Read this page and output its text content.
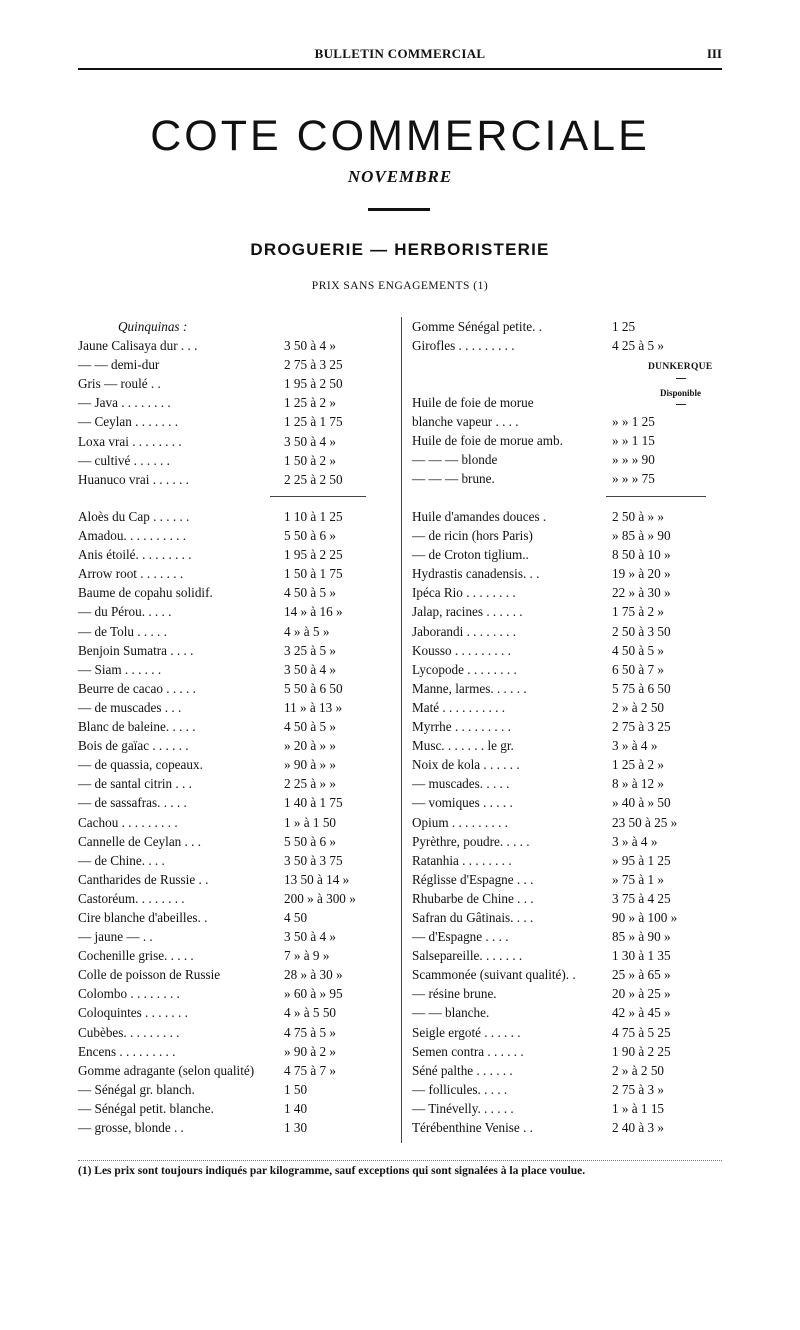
BULLETIN COMMERCIAL	III
COTE COMMERCIALE
NOVEMBRE
DROGUERIE — HERBORISTERIE
PRIX SANS ENGAGEMENTS (1)
Quinquinas :
Jaune Calisaya dur . . .	3 50 à 4 »
— — demi-dur	2 75 à 3 25
Gris — roulé . .	1 95 à 2 50
— Java . . . . . . . .	1 25 à 2 »
— Ceylan . . . . . . .	1 25 à 1 75
Loxa vrai . . . . . . . .	3 50 à 4 »
— cultivé . . . . . .	1 50 à 2 »
Huanuco vrai . . . . . .	2 25 à 2 50
Aloès du Cap . . . . . .	1 10 à 1 25
Amadou. . . . . . . . . .	5 50 à 6 »
Anis étoilé. . . . . . . . .	1 95 à 2 25
Arrow root . . . . . . .	1 50 à 1 75
Baume de copahu solidif.	4 50 à 5 »
— du Pérou. . . . .	14 » à 16 »
— de Tolu . . . . .	4 » à 5 »
Benjoin Sumatra . . . .	3 25 à 5 »
— Siam . . . . . .	3 50 à 4 »
Beurre de cacao . . . . .	5 50 à 6 50
— de muscades . . .	11 » à 13 »
Blanc de baleine. . . . .	4 50 à 5 »
Bois de gaïac . . . . . .	» 20 à » »
— de quassia, copeaux.	» 90 à » »
— de santal citrin . . .	2 25 à » »
— de sassafras. . . . .	1 40 à 1 75
Cachou . . . . . . . . .	1 » à 1 50
Cannelle de Ceylan . . .	5 50 à 6 »
— de Chine. . . .	3 50 à 3 75
Cantharides de Russie . .	13 50 à 14 »
Castoréum. . . . . . . .	200 » à 300 »
Cire blanche d'abeilles. .	4 50
— jaune — . .	3 50 à 4 »
Cochenille grise. . . . .	7 » à 9 »
Colle de poisson de Russie	28 » à 30 »
Colombo . . . . . . . .	» 60 à » 95
Coloquintes . . . . . . .	4 » à 5 50
Cubèbes. . . . . . . . .	4 75 à 5 »
Encens . . . . . . . . .	» 90 à 2 »
Gomme adragante (selon qualité) 4 75 à 7 »
— Sénégal gr. blanch.	1 50
— Sénégal petit. blanche.	1 40
— grosse, blonde . .	1 30
Gomme Sénégal petite. .	1 25
Girofles . . . . . . . . .	4 25 à 5 »
Huile de foie de morue
blanche vapeur . . . .	» » 1 25
Huile de foie de morue amb.	» » 1 15
— — — blonde	» » » 90
— — — brune.	» » » 75
Huile d'amandes douces .	2 50 à » »
— de ricin (hors Paris)	» 85 à » 90
— de Croton tiglium..	8 50 à 10 »
Hydrastis canadensis. . .	19 » à 20 »
Ipéca Rio . . . . . . . .	22 » à 30 »
Jalap, racines . . . . . .	1 75 à 2 »
Jaborandi . . . . . . . .	2 50 à 3 50
Kousso . . . . . . . . .	4 50 à 5 »
Lycopode . . . . . . . .	6 50 à 7 »
Manne, larmes. . . . . .	5 75 à 6 50
Maté . . . . . . . . . .	2 » à 2 50
Myrrhe . . . . . . . . .	2 75 à 3 25
Musc. . . . . . . le gr.	3 » à 4 »
Noix de kola . . . . . .	1 25 à 2 »
— muscades. . . . .	8 » à 12 »
— vomiques . . . . .	» 40 à » 50
Opium . . . . . . . . .	23 50 à 25 »
Pyrèthre, poudre. . . . .	3 » à 4 »
Ratanhia . . . . . . . .	» 95 à 1 25
Réglisse d'Espagne . . .	» 75 à 1 »
Rhubarbe de Chine . . .	3 75 à 4 25
Safran du Gâtinais. . . .	90 » à 100 »
— d'Espagne . . . .	85 » à 90 »
Salsepareille. . . . . . .	1 30 à 1 35
Scammonée (suivant qualité). .	25 » à 65 »
— résine brune.	20 » à 25 »
— — blanche.	42 » à 45 »
Seigle ergoté . . . . . .	4 75 à 5 25
Semen contra . . . . . .	1 90 à 2 25
Séné palthe . . . . . .	2 » à 2 50
— follicules. . . . .	2 75 à 3 »
— Tinévelly. . . . . .	1 » à 1 15
Térébenthine Venise . .	2 40 à 3 »
DUNKERQUE
Disponible
(1) Les prix sont toujours indiqués par kilogramme, sauf exceptions qui sont signalées à la place voulue.
